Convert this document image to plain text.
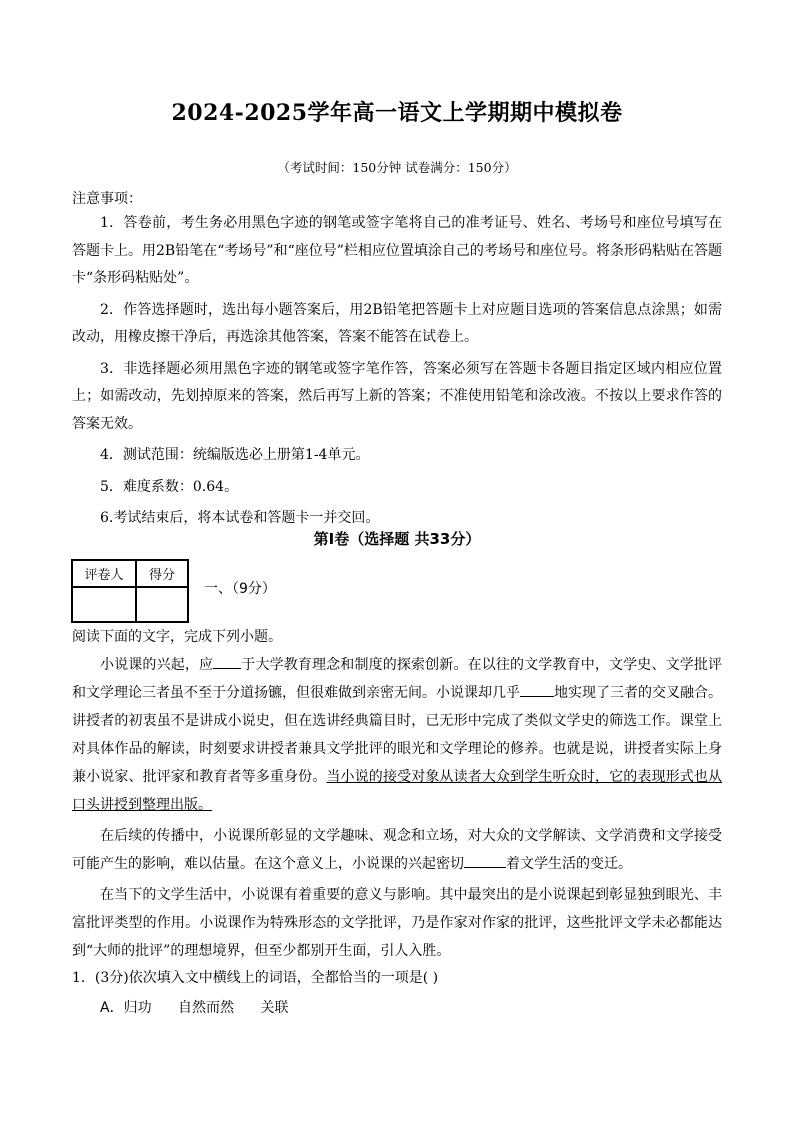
2024-2025学年高一语文上学期期中模拟卷
（考试时间：150分钟 试卷满分：150分）
注意事项：

1．答卷前，考生务必用黑色字迹的钢笔或签字笔将自己的准考证号、姓名、考场号和座位号填写在答题卡上。用2B铅笔在“考场号”和“座位号”栏相应位置填涂自己的考场号和座位号。将条形码粘贴在答题卡“条形码粘贴处”。

2．作答选择题时，选出每小题答案后，用2B铅笔把答题卡上对应题目选项的答案信息点涂黑；如需改动，用橡皮擦干净后，再选涂其他答案，答案不能答在试卷上。

3．非选择题必须用黑色字迹的钢笔或签字笔作答，答案必须写在答题卡各题目指定区域内相应位置上；如需改动，先划掉原来的答案，然后再写上新的答案；不准使用铅笔和涂改液。不按以上要求作答的答案无效。

4．测试范围：统编版选必上册第1-4单元。

5．难度系数：0.64。

6.考试结束后，将本试卷和答题卡一并交回。

第Ⅰ卷（选择题 共33分）
评卷人	得分

一、（9分）
阅读下面的文字，完成下列小题。

小说课的兴起，应 于大学教育理念和制度的探索创新。在以往的文学教育中，文学史、文学批评和文学理论三者虽不至于分道扬镳，但很难做到亲密无间。小说课却几乎 地实现了三者的交叉融合。讲授者的初衷虽不是讲成小说史，但在选讲经典篇目时，已无形中完成了类似文学史的筛选工作。课堂上对具体作品的解读，时刻要求讲授者兼具文学批评的眼光和文学理论的修养。也就是说，讲授者实际上身兼小说家、批评家和教育者等多重身份。当小说的接受对象从读者大众到学生听众时，它的表现形式也从口头讲授到整理出版。

在后续的传播中，小说课所彰显的文学趣味、观念和立场，对大众的文学解读、文学消费和文学接受可能产生的影响，难以估量。在这个意义上，小说课的兴起密切	着文学生活的变迁。

在当下的文学生活中，小说课有着重要的意义与影响。其中最突出的是小说课起到彰显独到眼光、丰富批评类型的作用。小说课作为特殊形态的文学批评，乃是作家对作家的批评，这些批评文学未必都能达到“大师的批评”的理想境界，但至少都别开生面，引人入胜。

1．(3分)依次填入文中横线上的词语，全都恰当的一项是( )
A．归功 自然而然 关联
